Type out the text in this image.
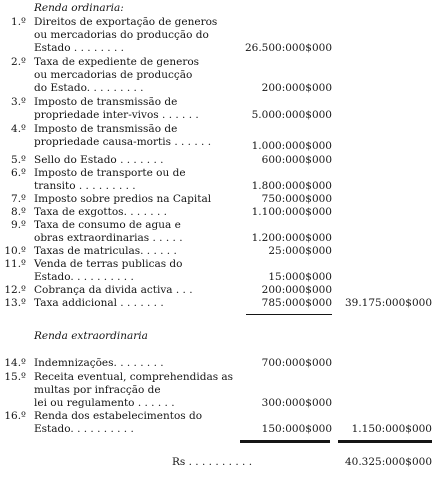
Renda ordinaria:
1.º Direitos de exportação de generos
ou mercadorias do producção do Estado . . . . . . . .	26.500:000$000
2.º Taxa de expediente de generos
ou mercadorias de producção
do Estado. . . . . . . . .	200:000$000
3.º Imposto de transmissão de propriedade inter-vivos . . . . . .	5.000:000$000
4.º Imposto de transmissão de propriedade causa-mortis . . . . . .	1.000:000$000
5.º Sello do Estado . . . . . . .	600:000$000
6.º Imposto de transporte ou de
transito . . . . . . . . .	1.800:000$000
7.º Imposto sobre predios na Capital	750:000$000
8.º Taxa de exgottos. . . . . . .	1.100:000$000
9.º Taxa de consumo de agua e
obras extraordinarias . . . . .	1.200:000$000
10.º Taxas de matriculas. . . . . .	25:000$000
11.º Venda de terras publicas do
Estado. . . . . . . . . .	15:000$000
12.º Cobrança da divida activa . . .	200:000$000
13.º Taxa addicional . . . . . . .	785:000$000	39.175:000$000
Renda extraordinaria
14.º Indemnizações. . . . . . . .	700:000$000
15.º Receita eventual, comprehendidas as multas por infracção de
lei ou regulamento . . . . . .	300:000$000
16.º Renda dos estabelecimentos do
Estado. . . . . . . . . .	150:000$000	1.150:000$000
Rs . . . . . . . . . .	40.325:000$000
